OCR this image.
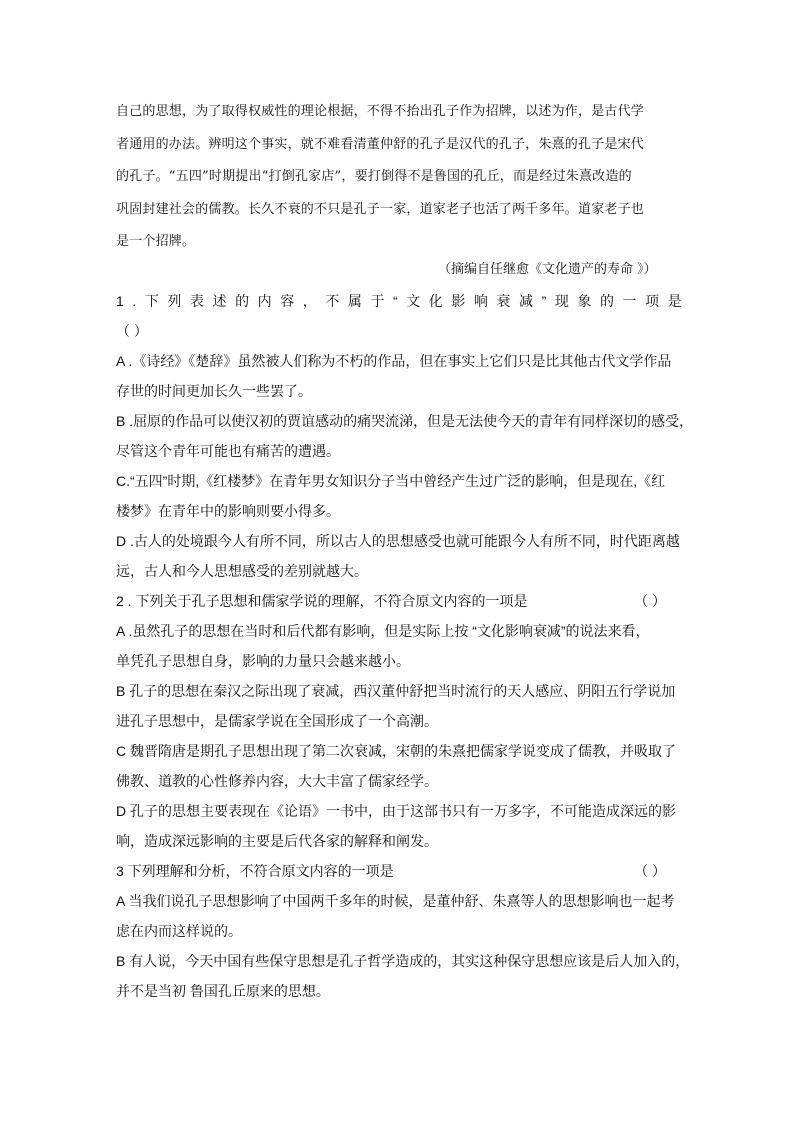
自己的思想，为了取得权威性的理论根据，不得不抬出孔子作为招牌，以述为作，是古代学
者通用的办法。辨明这个事实，就不难看清董仲舒的孔子是汉代的孔子，朱熹的孔子是宋代
的孔子。“五四”时期提出“打倒孔家店”，要打倒得不是鲁国的孔丘，而是经过朱熹改造的
巩固封建社会的儒教。长久不衰的不只是孔子一家，道家老子也活了两千多年。道家老子也
是一个招牌。
（摘编自任继愈《文化遗产的寿命 》）
1 . 下 列 表 述 的 内 容 ， 不 属 于 “ 文 化 影 响 衰 减 ” 现 象 的 一 项 是
（ ）
A .《诗经》《楚辞》虽然被人们称为不朽的作品，但在事实上它们只是比其他古代文学作品
存世的时间更加长久一些罢了。
B .屈原的作品可以使汉初的贾谊感动的痛哭流涕，但是无法使今天的青年有同样深切的感受，
尽管这个青年可能也有痛苦的遭遇。
C.“五四”时期,《红楼梦》在青年男女知识分子当中曾经产生过广泛的影响，但是现在,《红
楼梦》在青年中的影响则要小得多。
D .古人的处境跟今人有所不同，所以古人的思想感受也就可能跟今人有所不同，时代距离越
远，古人和今人思想感受的差别就越大。
2 . 下列关于孔子思想和儒家学说的理解，不符合原文内容的一项是	（ ）
A .虽然孔子的思想在当时和后代都有影响，但是实际上按 “文化影响衰减”的说法来看，
单凭孔子思想自身，影响的力量只会越来越小。
B 孔子的思想在秦汉之际出现了衰减，西汉董仲舒把当时流行的天人感应、阴阳五行学说加
进孔子思想中，是儒家学说在全国形成了一个高潮。
C 魏晋隋唐是期孔子思想出现了第二次衰减，宋朝的朱熹把儒家学说变成了儒教，并吸取了
佛教、道教的心性修养内容，大大丰富了儒家经学。
D 孔子的思想主要表现在《论语》一书中，由于这部书只有一万多字，不可能造成深远的影
响，造成深远影响的主要是后代各家的解释和阐发。
3 下列理解和分析，不符合原文内容的一项是	（ ）
A 当我们说孔子思想影响了中国两千多年的时候，是董仲舒、朱熹等人的思想影响也一起考
虑在内而这样说的。
B 有人说，今天中国有些保守思想是孔子哲学造成的，其实这种保守思想应该是后人加入的，
并不是当初 鲁国孔丘原来的思想。
